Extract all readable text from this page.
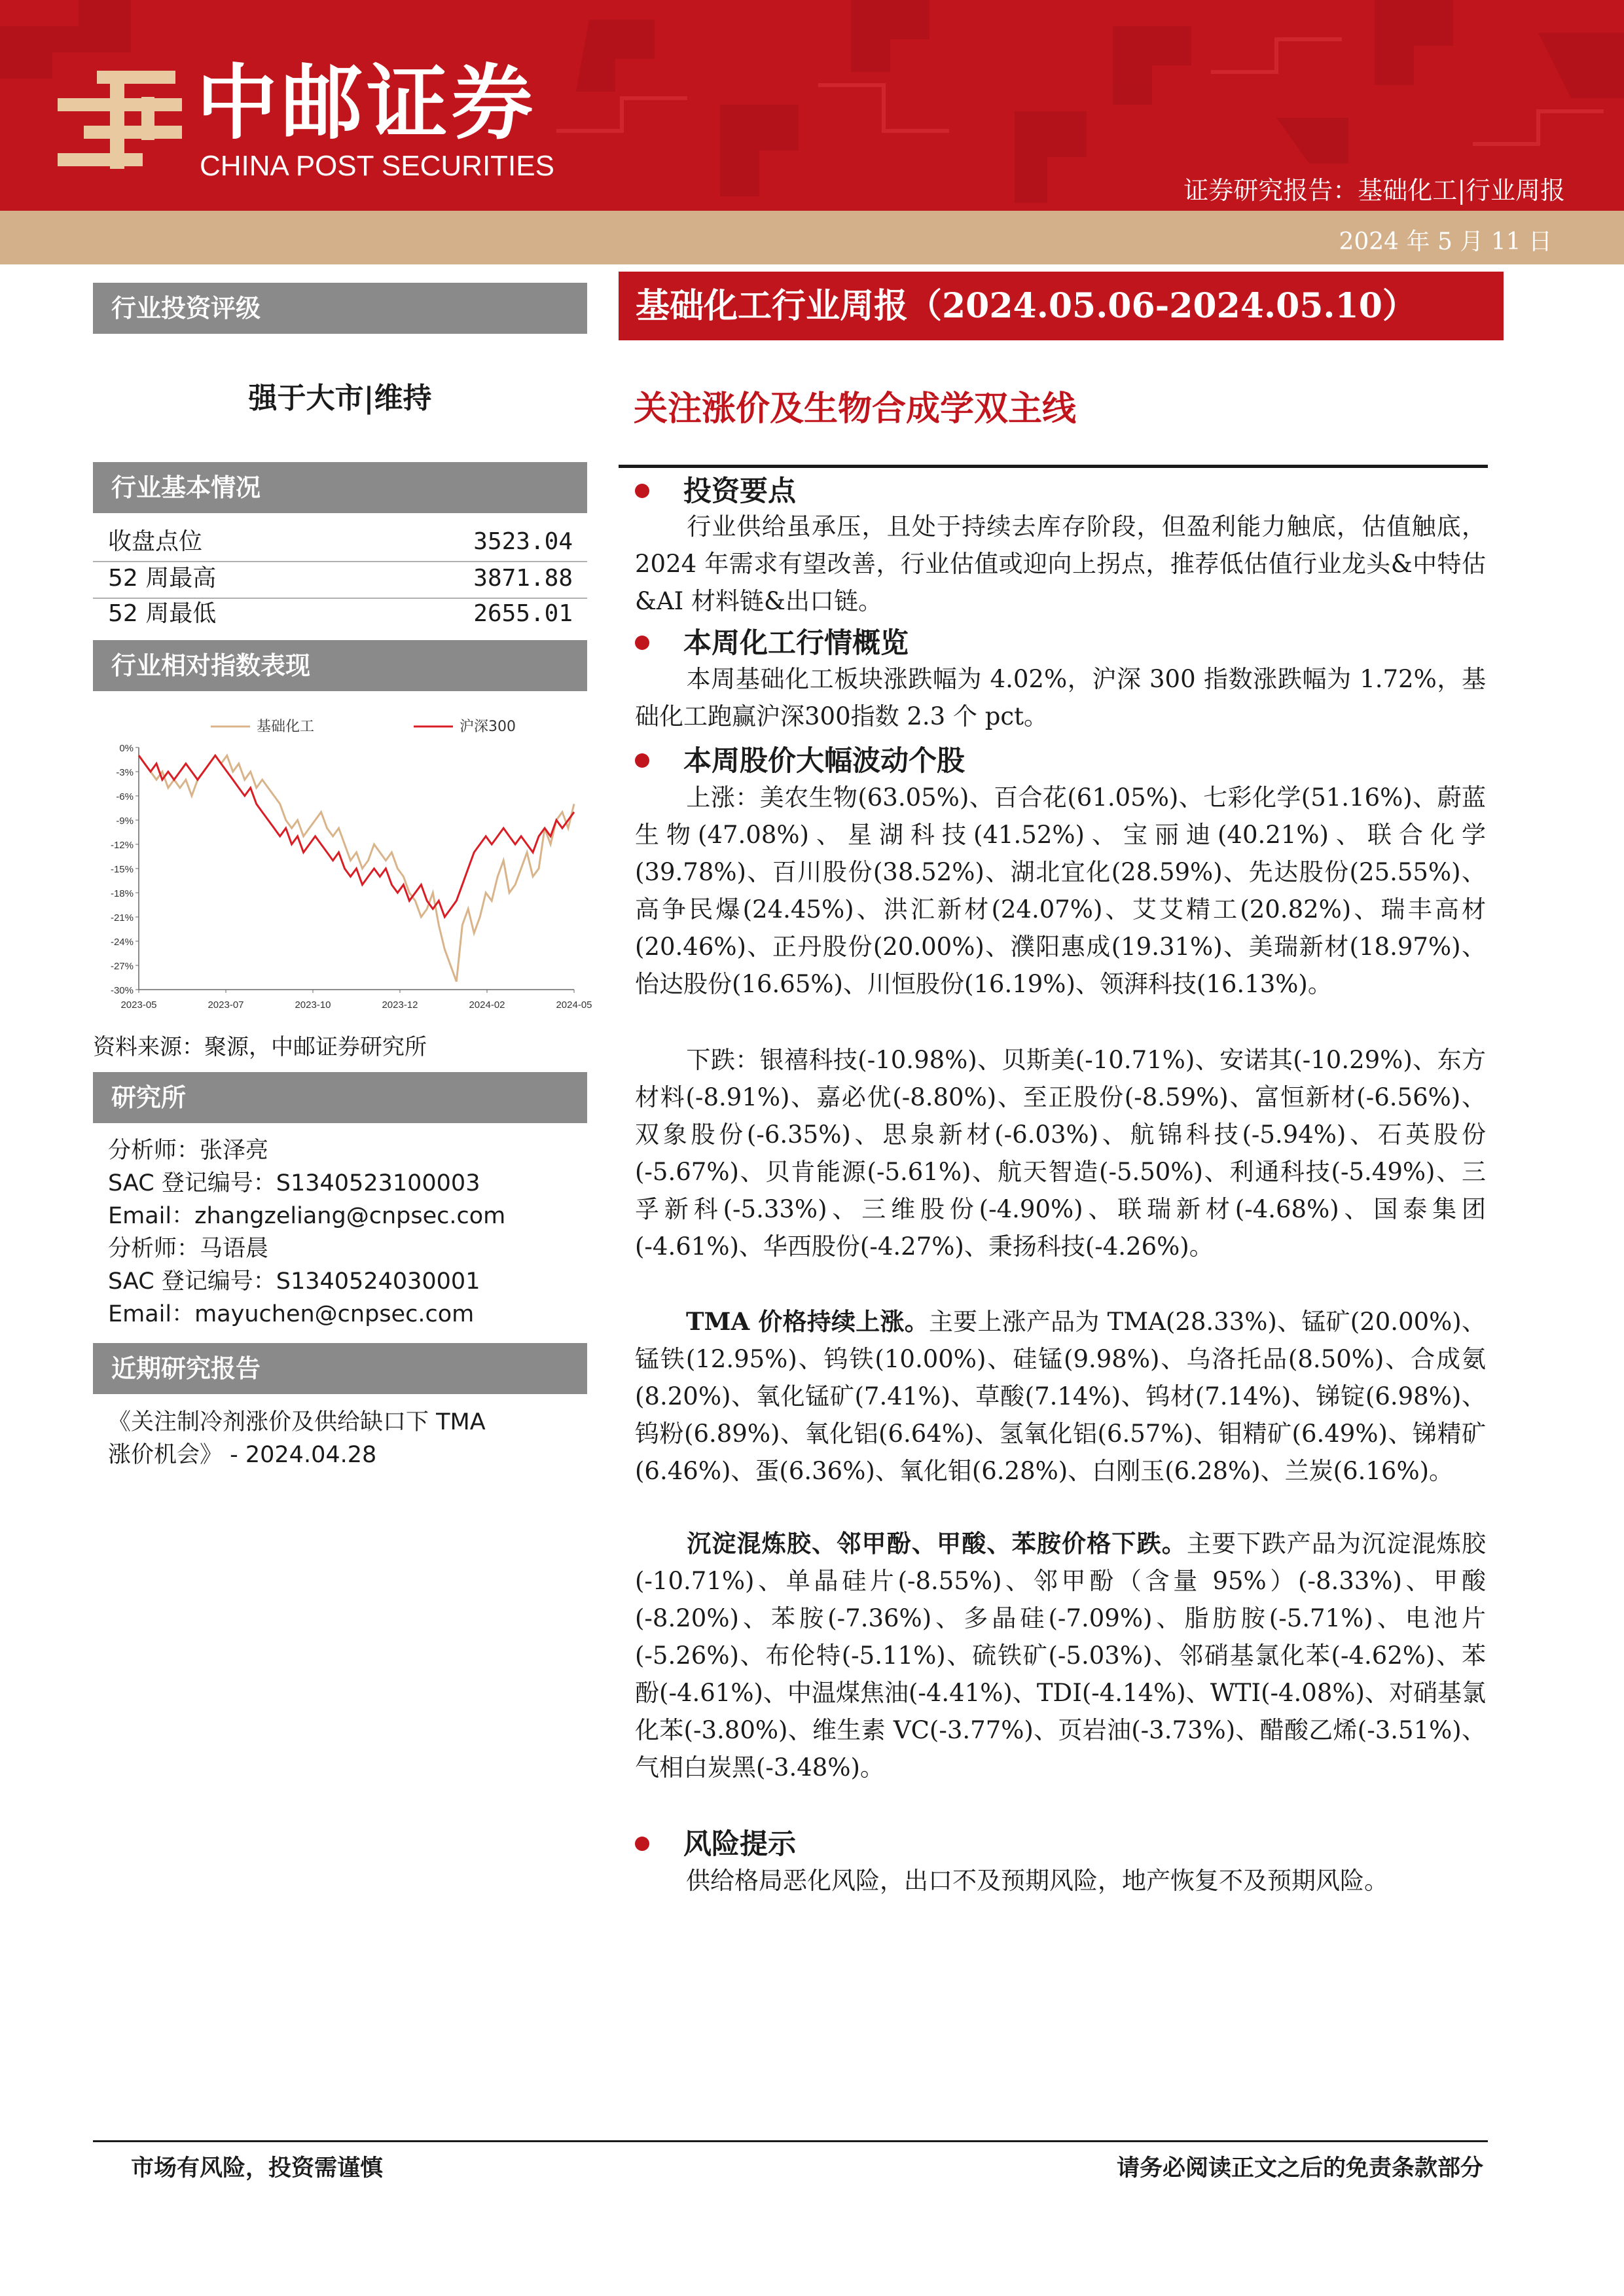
中邮证券
CHINA POST SECURITIES
证券研究报告：基础化工|行业周报
2024 年 5 月 11 日
行业投资评级
强于大市|维持
行业基本情况
收盘点位	3523.04
52 周最高	3871.88
52 周最低	2655.01
行业相对指数表现
0%
-3%
-6%
-9%
-12%
-15%
-18%
-21%
-24%
-27%
-30%
2023-05	2023-07	2023-10	2023-12	2024-02	2024-05
基础化工	沪深300
资料来源：聚源，中邮证券研究所
研究所
分析师：张泽亮
SAC 登记编号：S1340523100003
Email：zhangzeliang@cnpsec.com
分析师：马语晨
SAC 登记编号：S1340524030001
Email：mayuchen@cnpsec.com
近期研究报告
《关注制冷剂涨价及供给缺口下 TMA
涨价机会》 - 2024.04.28
基础化工行业周报（2024.05.06-2024.05.10）
关注涨价及生物合成学双主线
投资要点
行业供给虽承压，且处于持续去库存阶段，但盈利能力触底，估值触底，2024 年需求有望改善，行业估值或迎向上拐点，推荐低估值行业龙头&中特估&AI 材料链&出口链。
本周化工行情概览
本周基础化工板块涨跌幅为 4.02%，沪深 300 指数涨跌幅为 1.72%，基础化工跑赢沪深300指数 2.3 个 pct。
本周股价大幅波动个股
上涨：美农生物(63.05%)、百合花(61.05%)、七彩化学(51.16%)、蔚蓝生物(47.08%)、星湖科技(41.52%)、宝丽迪(40.21%)、联合化学(39.78%)、百川股份(38.52%)、湖北宜化(28.59%)、先达股份(25.55%)、高争民爆(24.45%)、洪汇新材(24.07%)、艾艾精工(20.82%)、瑞丰高材(20.46%)、正丹股份(20.00%)、濮阳惠成(19.31%)、美瑞新材(18.97%)、怡达股份(16.65%)、川恒股份(16.19%)、领湃科技(16.13%)。
下跌：银禧科技(-10.98%)、贝斯美(-10.71%)、安诺其(-10.29%)、东方材料(-8.91%)、嘉必优(-8.80%)、至正股份(-8.59%)、富恒新材(-6.56%)、双象股份(-6.35%)、思泉新材(-6.03%)、航锦科技(-5.94%)、石英股份(-5.67%)、贝肯能源(-5.61%)、航天智造(-5.50%)、利通科技(-5.49%)、三孚新科(-5.33%)、三维股份(-4.90%)、联瑞新材(-4.68%)、国泰集团(-4.61%)、华西股份(-4.27%)、秉扬科技(-4.26%)。
TMA 价格持续上涨。主要上涨产品为 TMA(28.33%)、锰矿(20.00%)、锰铁(12.95%)、钨铁(10.00%)、硅锰(9.98%)、乌洛托品(8.50%)、合成氨(8.20%)、氧化锰矿(7.41%)、草酸(7.14%)、钨材(7.14%)、锑锭(6.98%)、钨粉(6.89%)、氧化铝(6.64%)、氢氧化铝(6.57%)、钼精矿(6.49%)、锑精矿(6.46%)、蛋(6.36%)、氧化钼(6.28%)、白刚玉(6.28%)、兰炭(6.16%)。
沉淀混炼胶、邻甲酚、甲酸、苯胺价格下跌。主要下跌产品为沉淀混炼胶(-10.71%)、单晶硅片(-8.55%)、邻甲酚（含量 95%）(-8.33%)、甲酸(-8.20%)、苯胺(-7.36%)、多晶硅(-7.09%)、脂肪胺(-5.71%)、电池片(-5.26%)、布伦特(-5.11%)、硫铁矿(-5.03%)、邻硝基氯化苯(-4.62%)、苯酚(-4.61%)、中温煤焦油(-4.41%)、TDI(-4.14%)、WTI(-4.08%)、对硝基氯化苯(-3.80%)、维生素 VC(-3.77%)、页岩油(-3.73%)、醋酸乙烯(-3.51%)、气相白炭黑(-3.48%)。
风险提示
供给格局恶化风险，出口不及预期风险，地产恢复不及预期风险。
市场有风险，投资需谨慎	请务必阅读正文之后的免责条款部分
